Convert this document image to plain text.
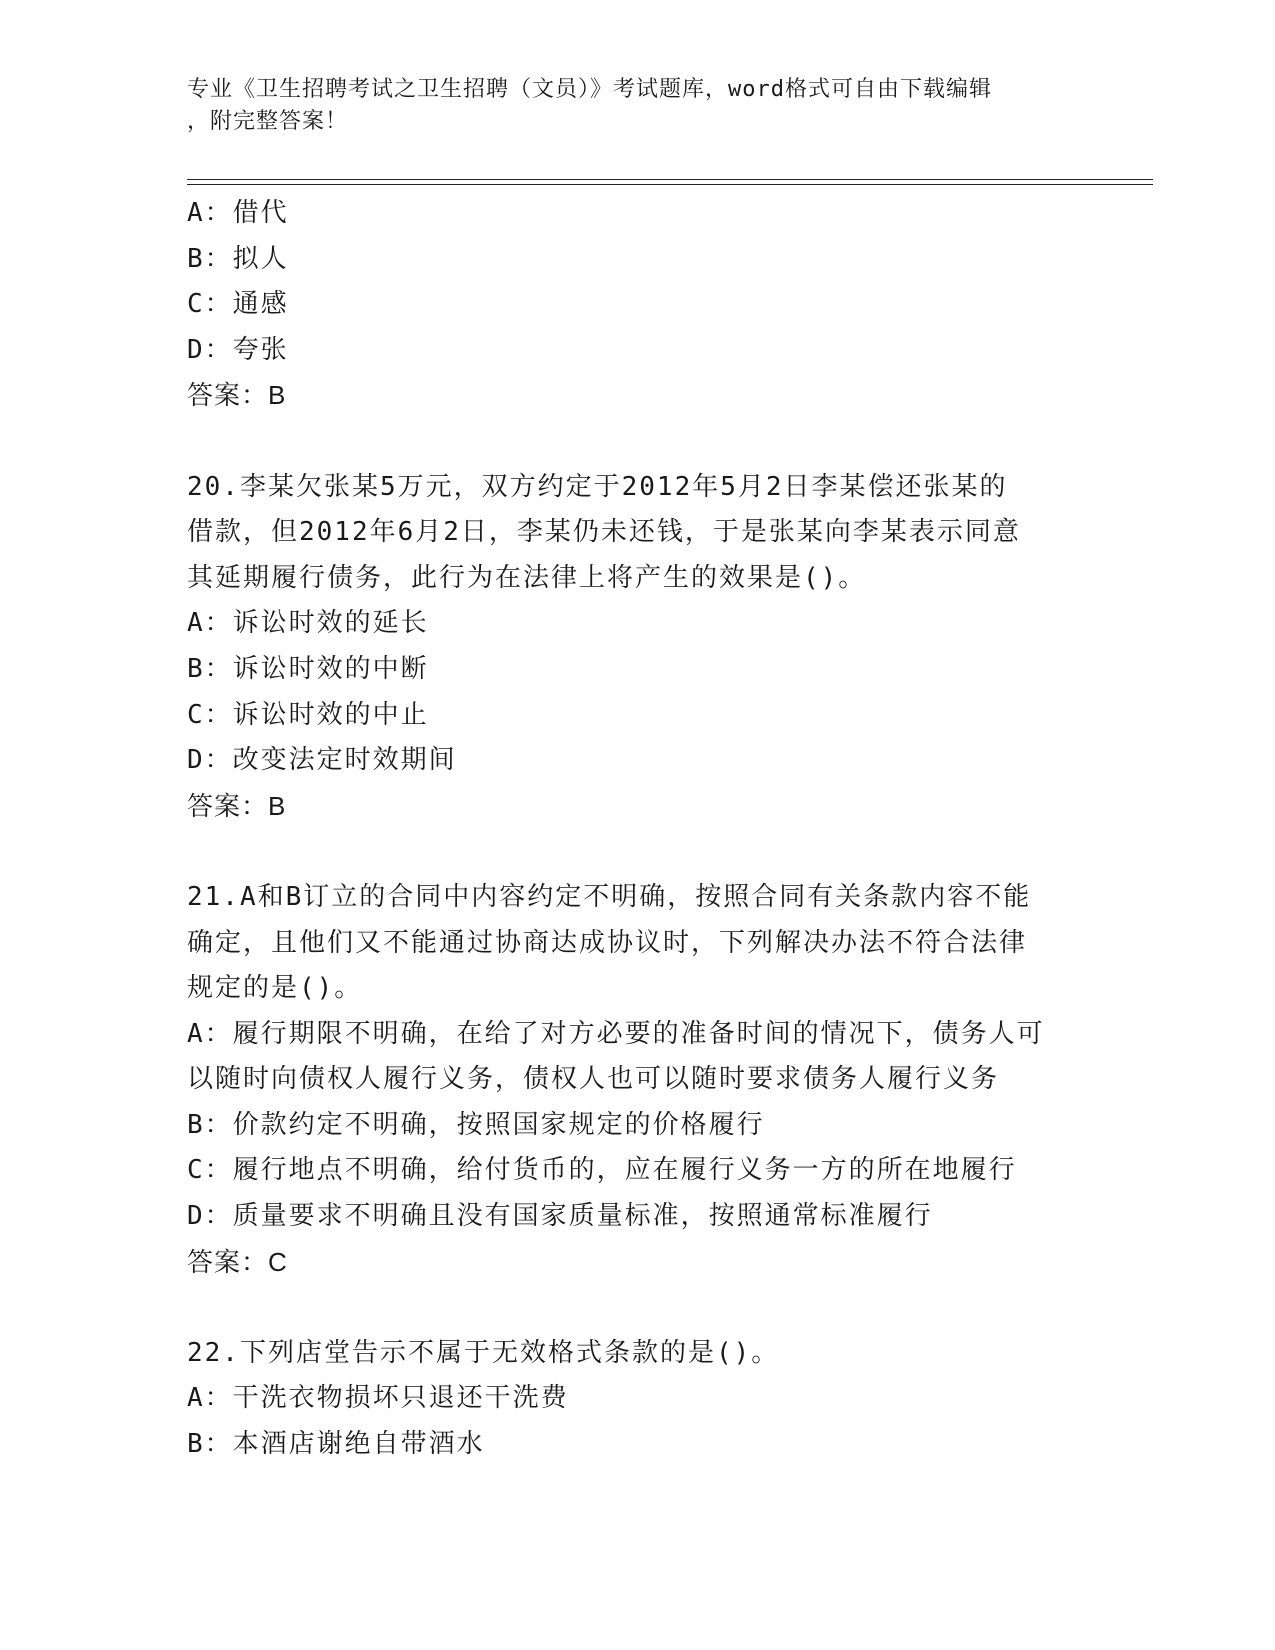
专业《卫生招聘考试之卫生招聘（文员）》考试题库，word格式可自由下载编辑
，附完整答案！

A：借代

B：拟人

C：通感

D：夸张

答案：B

20.李某欠张某5万元，双方约定于2012年5月2日李某偿还张某的

借款，但2012年6月2日，李某仍未还钱，于是张某向李某表示同意

其延期履行债务，此行为在法律上将产生的效果是()。

A：诉讼时效的延长

B：诉讼时效的中断

C：诉讼时效的中止

D：改变法定时效期间

答案：B

21.A和B订立的合同中内容约定不明确，按照合同有关条款内容不能

确定，且他们又不能通过协商达成协议时，下列解决办法不符合法律

规定的是()。

A：履行期限不明确，在给了对方必要的准备时间的情况下，债务人可

以随时向债权人履行义务，债权人也可以随时要求债务人履行义务

B：价款约定不明确，按照国家规定的价格履行

C：履行地点不明确，给付货币的，应在履行义务一方的所在地履行

D：质量要求不明确且没有国家质量标准，按照通常标准履行

答案：C

22.下列店堂告示不属于无效格式条款的是()。

A：干洗衣物损坏只退还干洗费

B：本酒店谢绝自带酒水
